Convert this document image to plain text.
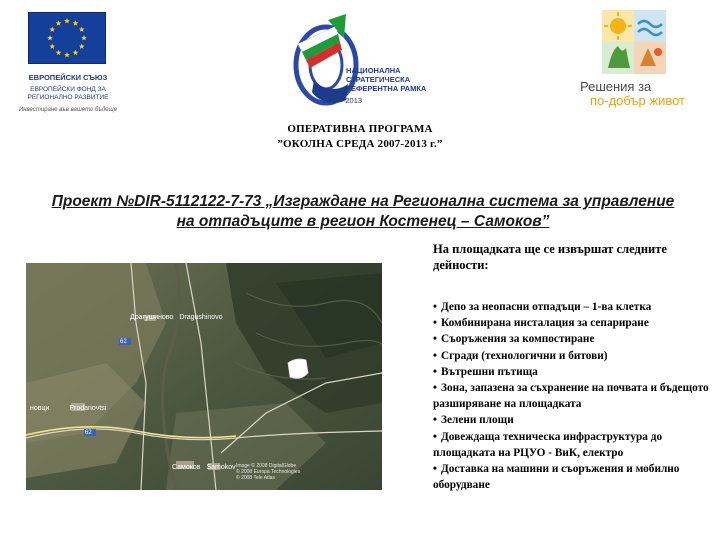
ЕВРОПЕЙСКИ СЪЮЗ
ЕВРОПЕЙСКИ ФОНД ЗА
РЕГИОНАЛНО РАЗВИТИЕ
Инвестиране във вашето бъдеще
НАЦИОНАЛНА
СТРАТЕГИЧЕСКА
РЕФЕРЕНТНА РАМКА
2007 - 2013
Решения за
по-добър живот
ОПЕРАТИВНА ПРОГРАМА
”ОКОЛНА СРЕДА 2007-2013 г.”
Проект №DIR-5112122-7-73 „Изграждане на Регионална система за управление на отпадъците в регион Костенец – Самоков”
Драгушиново Dragushinovo
62
новци	Prodanovtsi
62
Самоков Samokov Image © 2008 DigitalGlobe
© 2008 Europa Technologies
© 2008 Tele Atlas
На площадката ще се извършат следните дейности:
• Депо за неопасни отпадъци – 1-ва клетка
• Комбинирана инсталация за сепариране
• Съоръжения за компостиране
• Сгради (технологични и битови)
• Вътрешни пътища
• Зона, запазена за съхранение на почвата и бъдещото разширяване на площадката
• Зелени площи
• Довеждаща техническа инфраструктура до площадката на РЦУО - ВиК, електро
• Доставка на машини и съоръжения и мобилно оборудване
